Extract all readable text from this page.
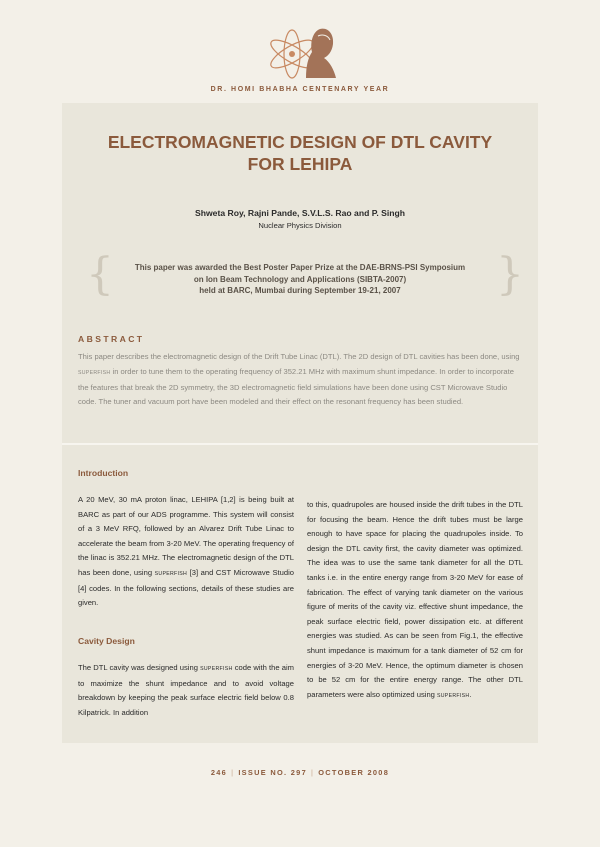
DR. HOMI BHABHA CENTENARY YEAR
ELECTROMAGNETIC DESIGN OF DTL CAVITY
FOR LEHIPA
Shweta Roy, Rajni Pande, S.V.L.S. Rao and P. Singh
Nuclear Physics Division
{	}
This paper was awarded the Best Poster Paper Prize at the DAE-BRNS-PSI Symposium
on Ion Beam Technology and Applications (SIBTA-2007)
held at BARC, Mumbai during September 19-21, 2007
ABSTRACT
This paper describes the electromagnetic design of the Drift Tube Linac (DTL). The 2D design of DTL cavities has been done, using SUPERFISH in order to tune them to the operating frequency of 352.21 MHz with maximum shunt impedance. In order to incorporate the features that break the 2D symmetry, the 3D electromagnetic field simulations have been done using CST Microwave Studio code. The tuner and vacuum port have been modeled and their effect on the resonant frequency has been studied.
Introduction
A 20 MeV, 30 mA proton linac, LEHIPA [1,2] is being built at BARC as part of our ADS programme. This system will consist of a 3 MeV RFQ, followed by an Alvarez Drift Tube Linac to accelerate the beam from 3-20 MeV. The operating frequency of the linac is 352.21 MHz. The electromagnetic design of the DTL has been done, using SUPERFISH [3] and CST Microwave Studio [4] codes. In the following sections, details of these studies are given.
Cavity Design
The DTL cavity was designed using SUPERFISH code with the aim to maximize the shunt impedance and to avoid voltage breakdown by keeping the peak surface electric field below 0.8 Kilpatrick. In addition
to this, quadrupoles are housed inside the drift tubes in the DTL for focusing the beam. Hence the drift tubes must be large enough to have space for placing the quadrupoles inside. To design the DTL cavity first, the cavity diameter was optimized. The idea was to use the same tank diameter for all the DTL tanks i.e. in the entire energy range from 3-20 MeV for ease of fabrication. The effect of varying tank diameter on the various figure of merits of the cavity viz. effective shunt impedance, the peak surface electric field, power dissipation etc. at different energies was studied. As can be seen from Fig.1, the effective shunt impedance is maximum for a tank diameter of 52 cm for energies of 3-20 MeV. Hence, the optimum diameter is chosen to be 52 cm for the entire energy range. The other DTL parameters were also optimized using SUPERFISH.
246 | ISSUE NO. 297 | OCTOBER 2008
